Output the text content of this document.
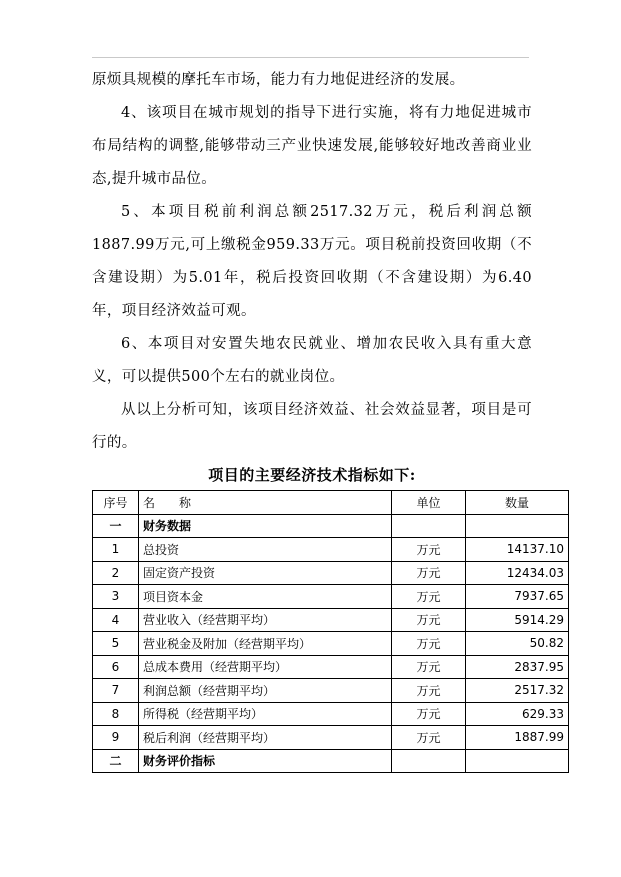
原烦具规模的摩托车市场，能力有力地促进经济的发展。

4、该项目在城市规划的指导下进行实施，将有力地促进城市布局结构的调整,能够带动三产业快速发展,能够较好地改善商业业态,提升城市品位。

5、本项目税前利润总额2517.32万元，税后利润总额1887.99万元,可上缴税金959.33万元。项目税前投资回收期（不含建设期）为5.01年，税后投资回收期（不含建设期）为6.40年，项目经济效益可观。

6、本项目对安置失地农民就业、增加农民收入具有重大意义，可以提供500个左右的就业岗位。

从以上分析可知，该项目经济效益、社会效益显著，项目是可行的。

项目的主要经济技术指标如下:

序号	名　　称	单位	数量
一	财务数据		
1	总投资	万元	14137.10
2	固定资产投资	万元	12434.03
3	项目资本金	万元	7937.65
4	营业收入（经营期平均）	万元	5914.29
5	营业税金及附加（经营期平均）	万元	50.82
6	总成本费用（经营期平均）	万元	2837.95
7	利润总额（经营期平均）	万元	2517.32
8	所得税（经营期平均）	万元	629.33
9	税后利润（经营期平均）	万元	1887.99
二	财务评价指标		
